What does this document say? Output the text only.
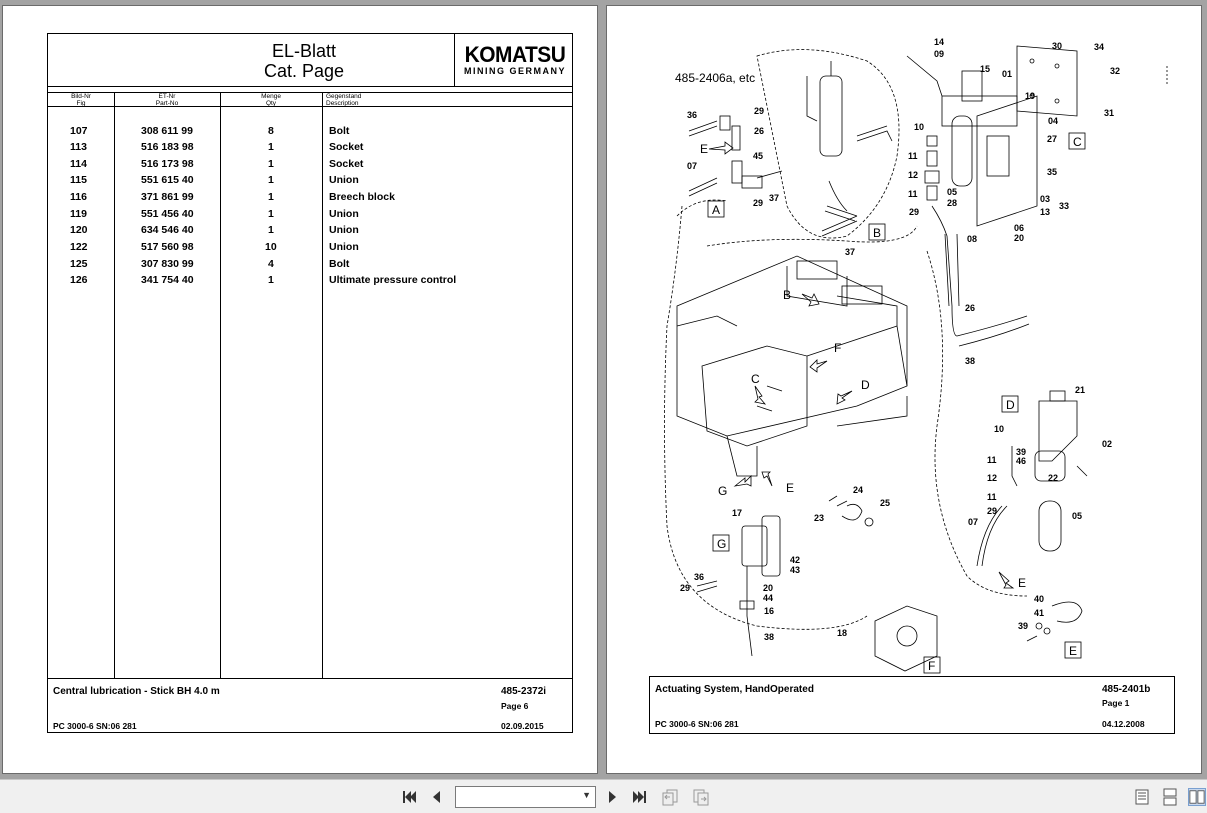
EL-Blatt
Cat. Page
KOMATSU
MINING GERMANY
Bild-Nr
Fig
ET-Nr
Part-No
Menge
Qty
Gegenstand
Description
107	308 611 99	8	Bolt
113	516 183 98	1	Socket
114	516 173 98	1	Socket
115	551 615 40	1	Union
116	371 861 99	1	Breech block
119	551 456 40	1	Union
120	634 546 40	1	Union
122	517 560 98	10	Union
125	307 830 99	4	Bolt
126	341 754 40	1	Ultimate pressure control
Central lubrication - Stick BH 4.0 m	485-2372i
Page 6
PC 3000-6 SN:06 281	02.09.2015
485-2406a, etc
A
B
C
D
E
F
G
E
B
F
D
C
G	E
E
36	29
26
45
07
29 37
37
14
09
15 01
30	34
32
31
19
04
27
35
03
13
33
06
20
10
11
12
11	05
28
29
08
26
38
21
02
10
39
46
11
12
11
29
07
22
05
40
41
39
24
25
23
18
17
42
43
36
29	20
44
16
38
Actuating System, HandOperated	485-2401b
Page 1
PC 3000-6 SN:06 281	04.12.2008
▼
